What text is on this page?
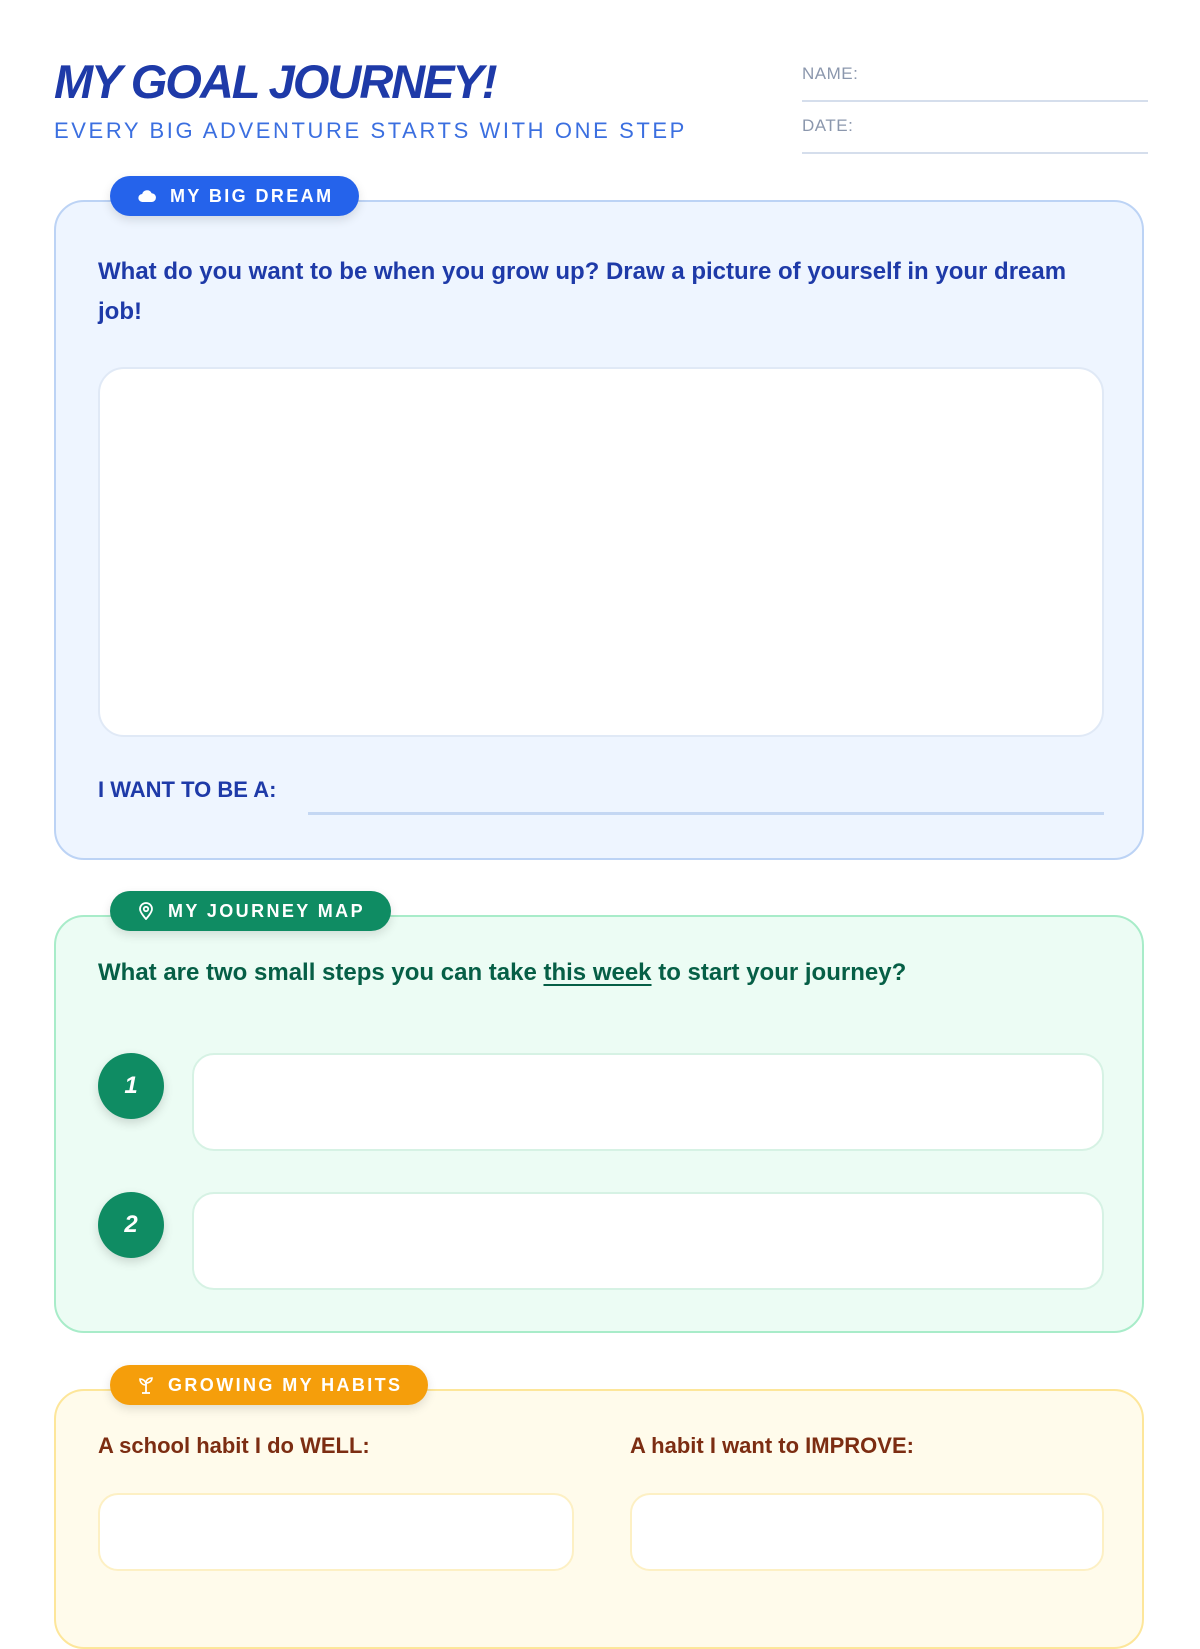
MY GOAL JOURNEY!
EVERY BIG ADVENTURE STARTS WITH ONE STEP
NAME:
DATE:
MY BIG DREAM
What do you want to be when you grow up? Draw a picture of yourself in your dream job!
I WANT TO BE A:
MY JOURNEY MAP
What are two small steps you can take this week to start your journey?
1
2
GROWING MY HABITS
A school habit I do WELL:	A habit I want to IMPROVE:
